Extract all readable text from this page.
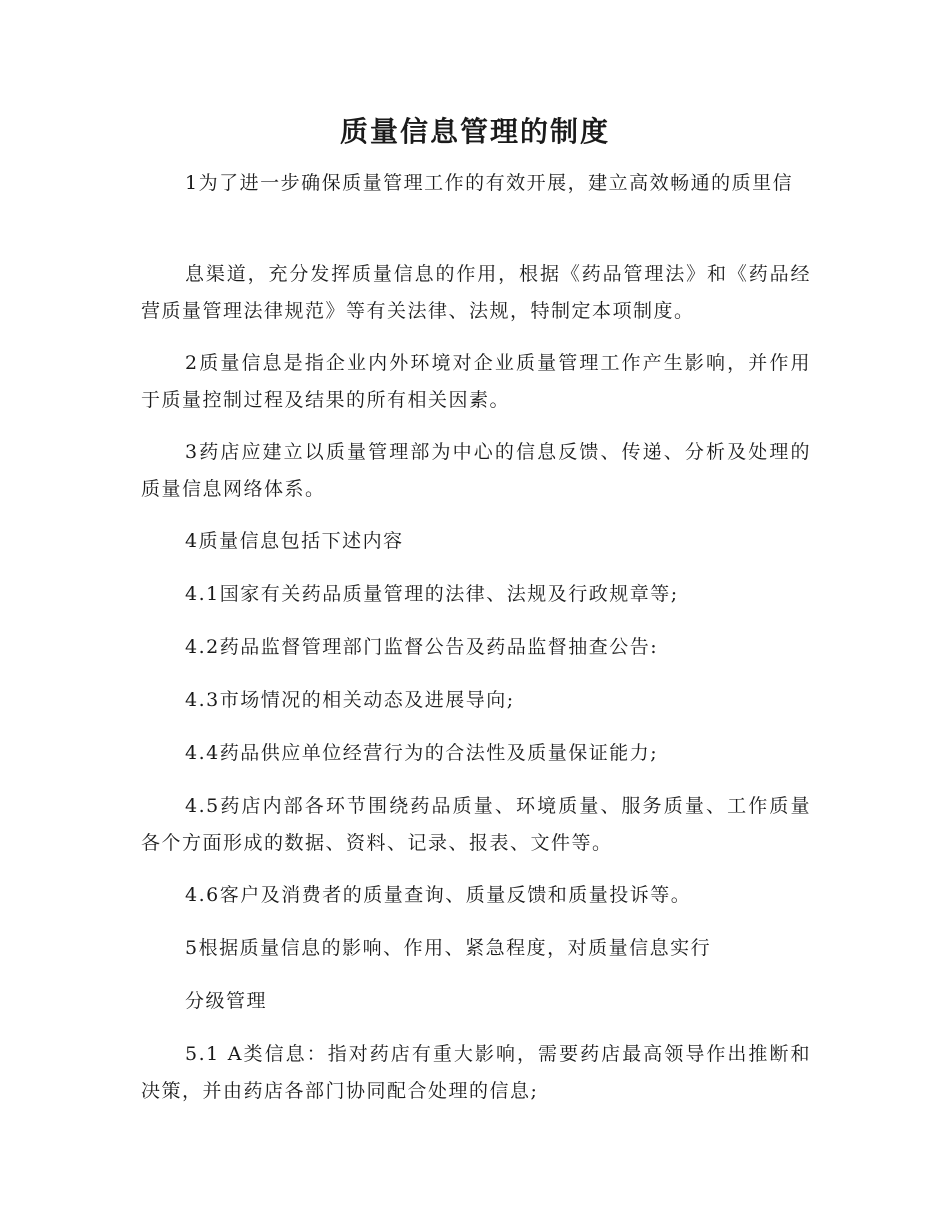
质量信息管理的制度
1为了进一步确保质量管理工作的有效开展，建立高效畅通的质里信
息渠道，充分发挥质量信息的作用，根据《药品管理法》和《药品经营质量管理法律规范》等有关法律、法规，特制定本项制度。
2质量信息是指企业内外环境对企业质量管理工作产生影响，并作用于质量控制过程及结果的所有相关因素。
3药店应建立以质量管理部为中心的信息反馈、传递、分析及处理的质量信息网络体系。
4质量信息包括下述内容
4.1国家有关药品质量管理的法律、法规及行政规章等;
4.2药品监督管理部门监督公告及药品监督抽查公告:
4.3市场情况的相关动态及进展导向;
4.4药品供应单位经营行为的合法性及质量保证能力;
4.5药店内部各环节围绕药品质量、环境质量、服务质量、工作质量各个方面形成的数据、资料、记录、报表、文件等。
4.6客户及消费者的质量查询、质量反馈和质量投诉等。
5根据质量信息的影响、作用、紧急程度，对质量信息实行
分级管理
5.1 A类信息：指对药店有重大影响，需要药店最高领导作出推断和决策，并由药店各部门协同配合处理的信息;
